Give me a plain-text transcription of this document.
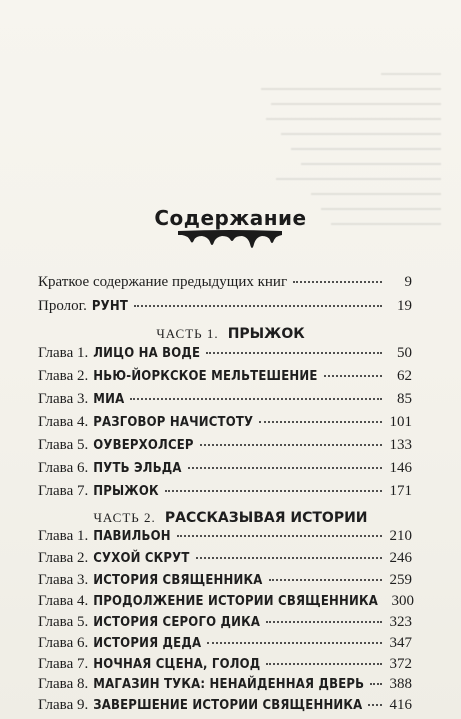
Содержание
Краткое содержание предыдущих книг	9
Пролог. РУНТ	19
ЧАСТЬ 1. ПРЫЖОК
Глава 1. ЛИЦО НА ВОДЕ	50
Глава 2. НЬЮ-ЙОРКСКОЕ МЕЛЬТЕШЕНИЕ	62
Глава 3. МИА	85
Глава 4. РАЗГОВОР НАЧИСТОТУ	101
Глава 5. ОУВЕРХОЛСЕР	133
Глава 6. ПУТЬ ЭЛЬДА	146
Глава 7. ПРЫЖОК	171
ЧАСТЬ 2. РАССКАЗЫВАЯ ИСТОРИИ
Глава 1. ПАВИЛЬОН	210
Глава 2. СУХОЙ СКРУТ	246
Глава 3. ИСТОРИЯ СВЯЩЕННИКА	259
Глава 4. ПРОДОЛЖЕНИЕ ИСТОРИИ СВЯЩЕННИКА 300
Глава 5. ИСТОРИЯ СЕРОГО ДИКА	323
Глава 6. ИСТОРИЯ ДЕДА	347
Глава 7. НОЧНАЯ СЦЕНА, ГОЛОД	372
Глава 8. МАГАЗИН ТУКА: НЕНАЙДЕННАЯ ДВЕРЬ 388
Глава 9. ЗАВЕРШЕНИЕ ИСТОРИИ СВЯЩЕННИКА 416
